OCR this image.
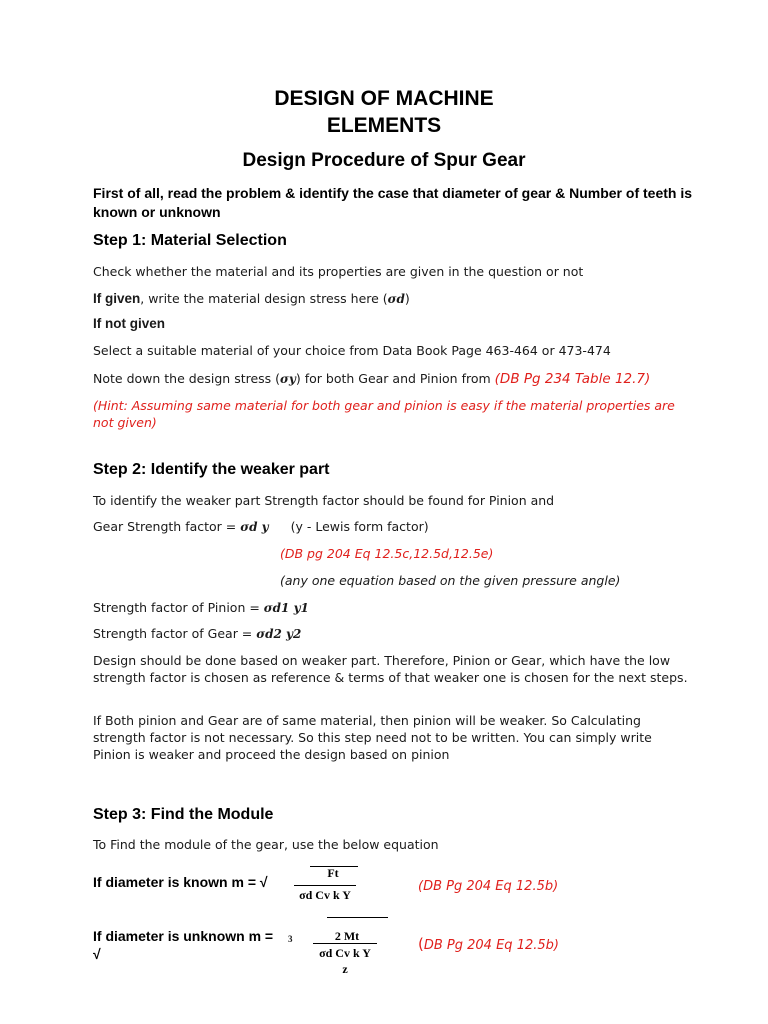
DESIGN OF MACHINE
ELEMENTS
Design Procedure of Spur Gear
First of all, read the problem & identify the case that diameter of gear & Number of teeth is known or unknown
Step 1: Material Selection
Check whether the material and its properties are given in the question or not
If given, write the material design stress here (σd)
If not given
Select a suitable material of your choice from Data Book Page 463-464 or 473-474
Note down the design stress (σy) for both Gear and Pinion from (DB Pg 234 Table 12.7)
(Hint: Assuming same material for both gear and pinion is easy if the material properties are not given)
Step 2: Identify the weaker part
To identify the weaker part Strength factor should be found for Pinion and
Gear Strength factor = σd y (y - Lewis form factor)
(DB pg 204 Eq 12.5c,12.5d,12.5e)
(any one equation based on the given pressure angle)
Strength factor of Pinion = σd1 y1
Strength factor of Gear = σd2 y2
Design should be done based on weaker part. Therefore, Pinion or Gear, which have the low strength factor is chosen as reference & terms of that weaker one is chosen for the next steps.
If Both pinion and Gear are of same material, then pinion will be weaker. So Calculating strength factor is not necessary. So this step need not to be written. You can simply write Pinion is weaker and proceed the design based on pinion
Step 3: Find the Module
To Find the module of the gear, use the below equation
If diameter is known m = √
Ft
σd Cv k Y
(DB Pg 204 Eq 12.5b)
If diameter is unknown m = 3
√
2 Mt
σd Cv k Y
z
(DB Pg 204 Eq 12.5b)
